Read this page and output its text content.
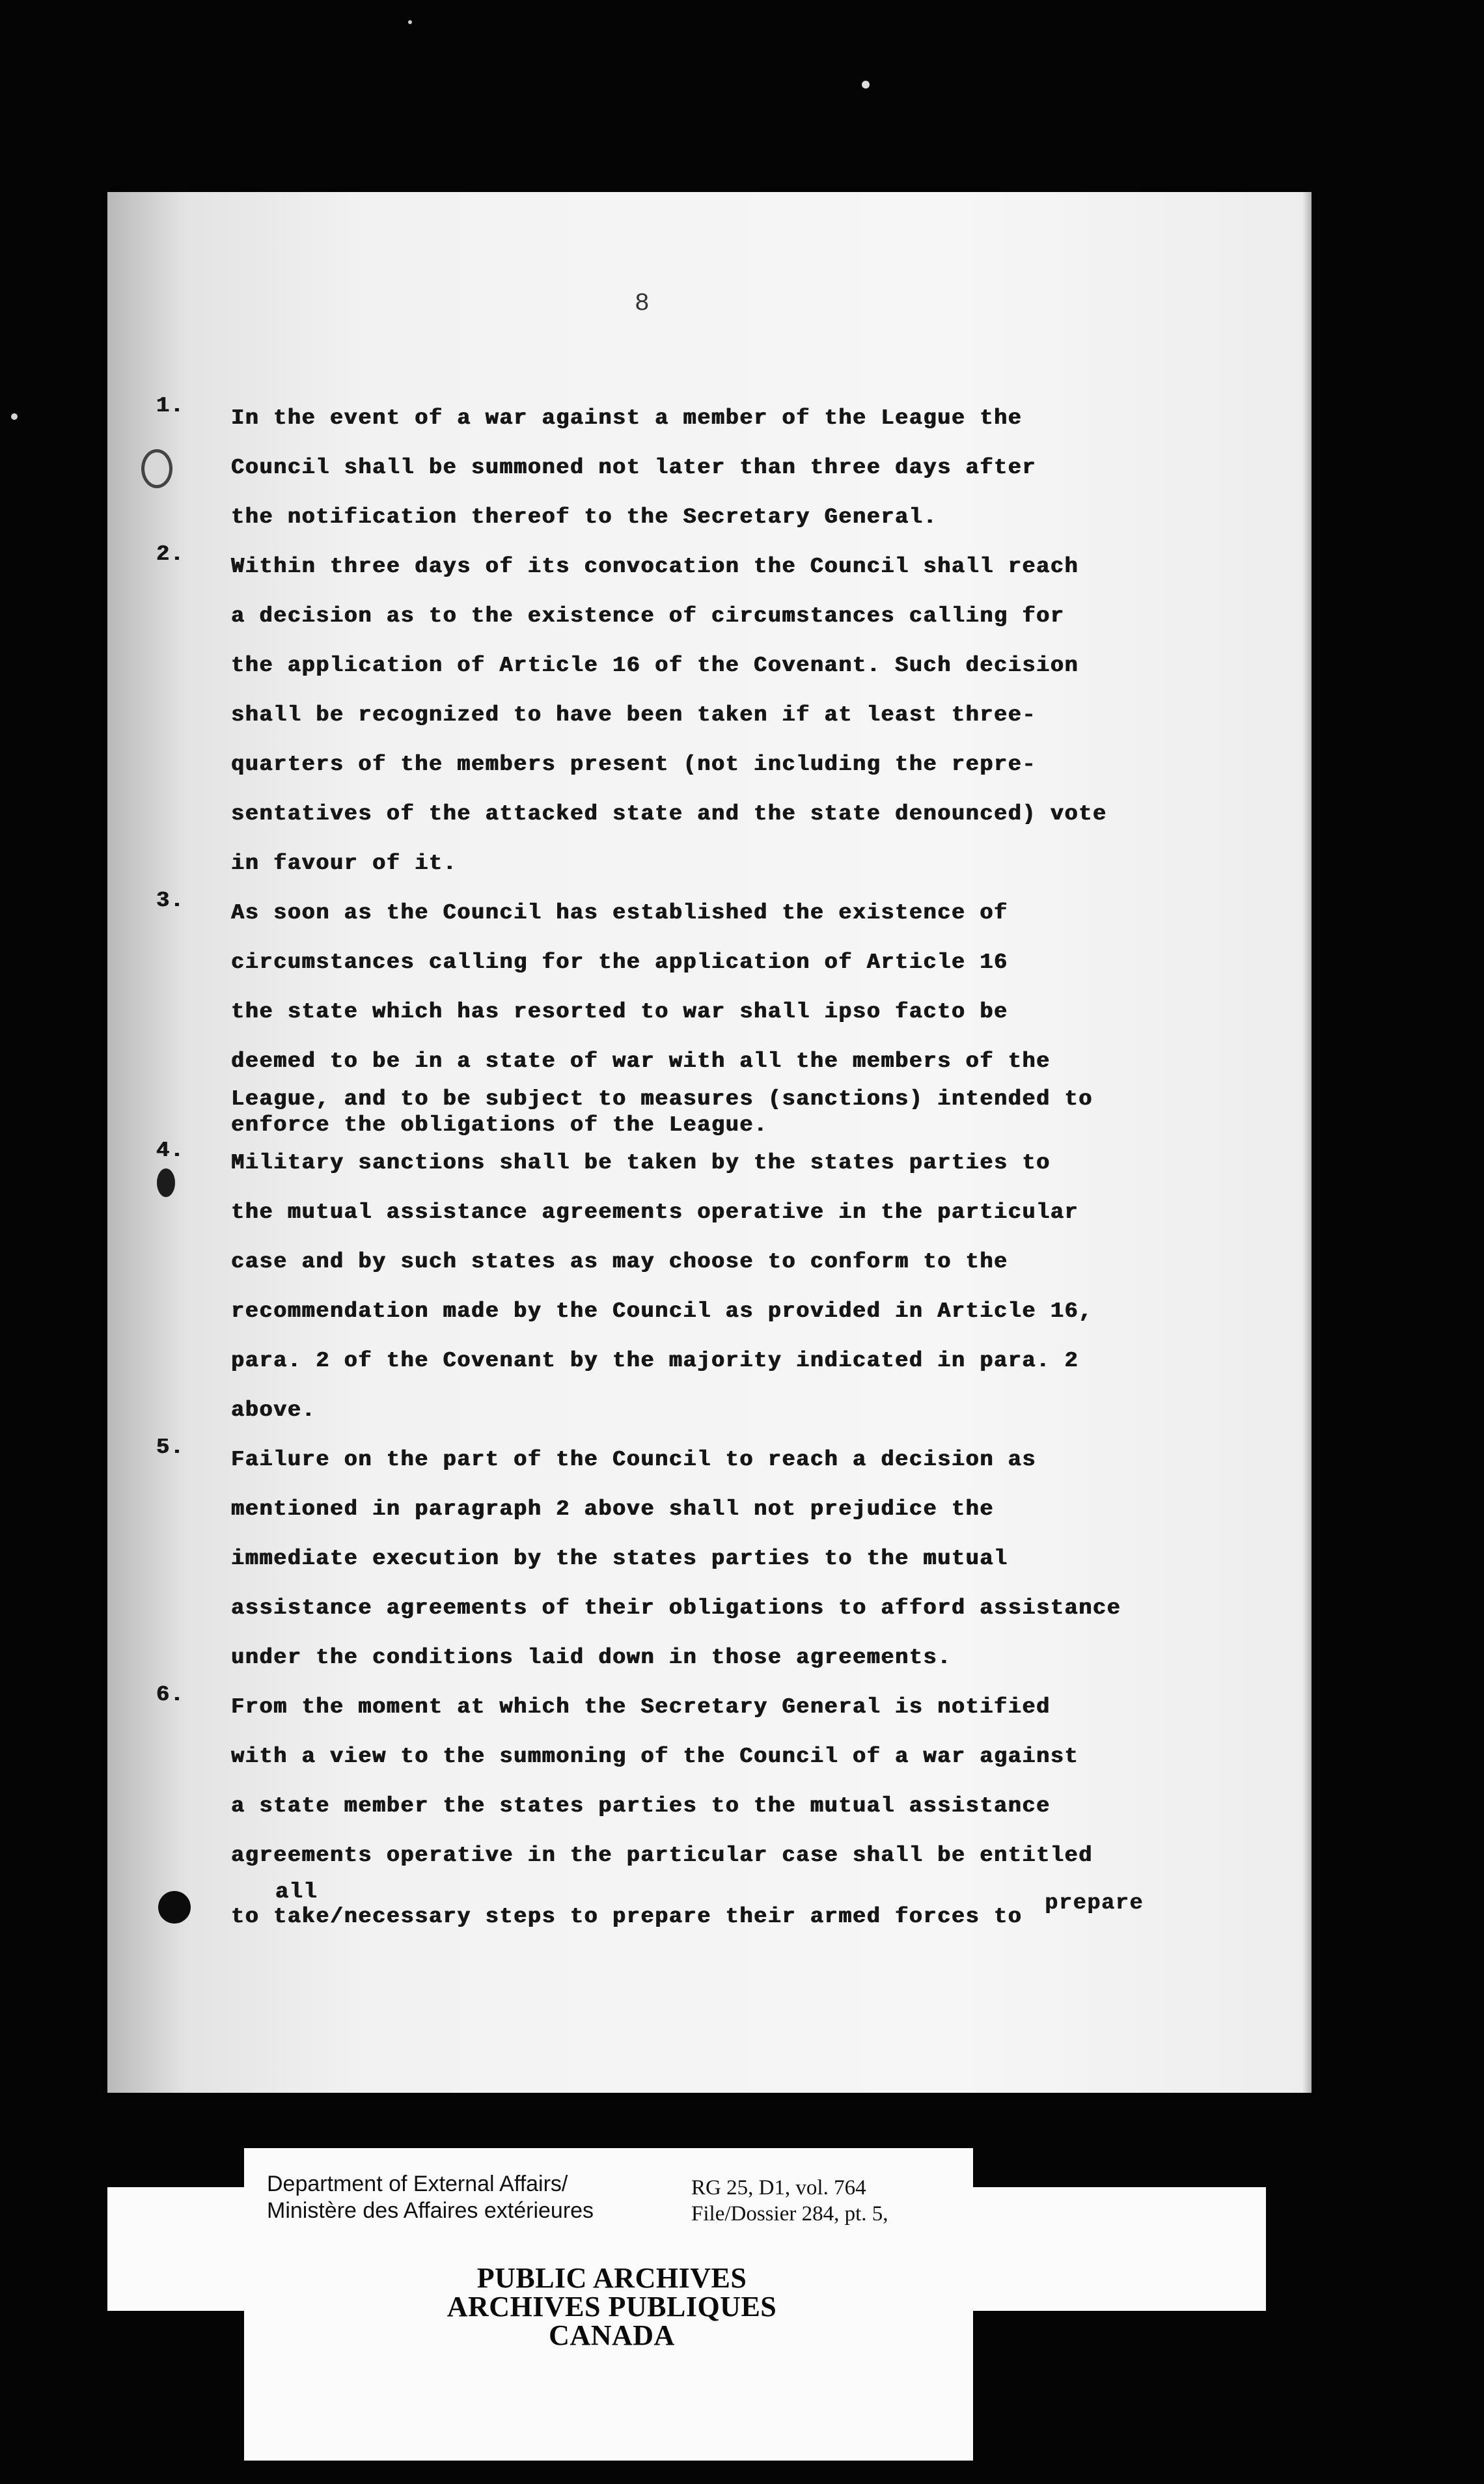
8
1.	In the event of a war against a member of the League the
Council shall be summoned not later than three days after
the notification thereof to the Secretary General.
2.	Within three days of its convocation the Council shall reach
a decision as to the existence of circumstances calling for
the application of Article 16 of the Covenant. Such decision
shall be recognized to have been taken if at least three-
quarters of the members present (not including the repre-
sentatives of the attacked state and the state denounced) vote
in favour of it.
3.	As soon as the Council has established the existence of
circumstances calling for the application of Article 16
the state which has resorted to war shall ipso facto be
deemed to be in a state of war with all the members of the
League, and to be subject to measures (sanctions) intended to
enforce the obligations of the League.
4.	Military sanctions shall be taken by the states parties to
the mutual assistance agreements operative in the particular
case and by such states as may choose to conform to the
recommendation made by the Council as provided in Article 16,
para. 2 of the Covenant by the majority indicated in para. 2
above.
5.	Failure on the part of the Council to reach a decision as
mentioned in paragraph 2 above shall not prejudice the
immediate execution by the states parties to the mutual
assistance agreements of their obligations to afford assistance
under the conditions laid down in those agreements.
6.	From the moment at which the Secretary General is notified
with a view to the summoning of the Council of a war against
a state member the states parties to the mutual assistance
agreements operative in the particular case shall be entitled
all
to take/necessary steps to prepare their armed forces to
prepare
Department of External Affairs/
Ministère des Affaires extérieures
RG 25, D1, vol. 764
File/Dossier 284, pt. 5,
PUBLIC ARCHIVES
ARCHIVES PUBLIQUES
CANADA
